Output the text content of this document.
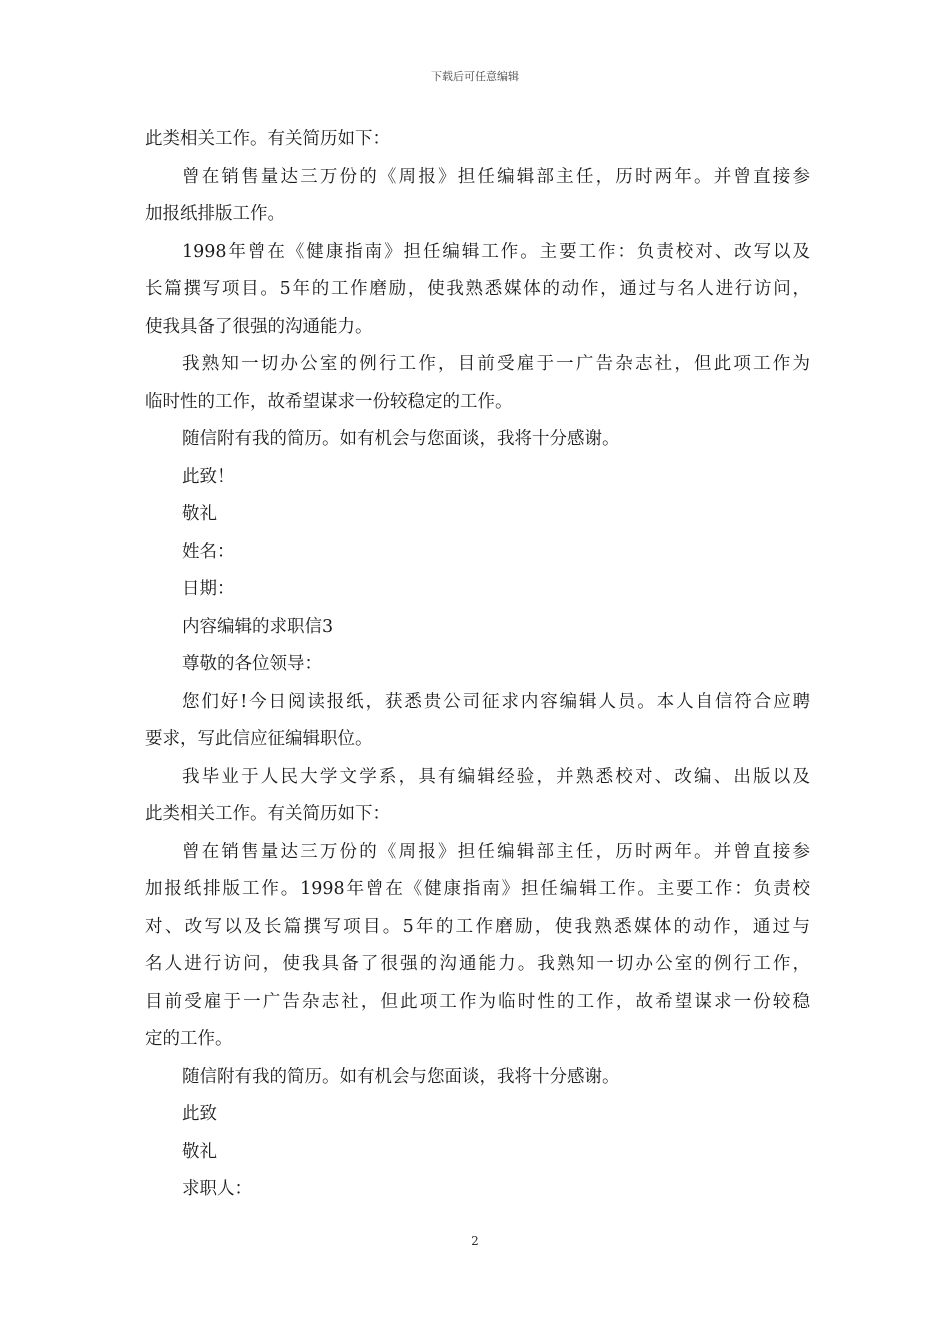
下载后可任意编辑
此类相关工作。有关简历如下：
曾在销售量达三万份的《周报》担任编辑部主任，历时两年。并曾直接参
加报纸排版工作。
1998年曾在《健康指南》担任编辑工作。主要工作：负责校对、改写以及
长篇撰写项目。5年的工作磨励，使我熟悉媒体的动作，通过与名人进行访问，
使我具备了很强的沟通能力。
我熟知一切办公室的例行工作，目前受雇于一广告杂志社，但此项工作为
临时性的工作，故希望谋求一份较稳定的工作。
随信附有我的简历。如有机会与您面谈，我将十分感谢。
此致！
敬礼
姓名：
日期：
内容编辑的求职信3
尊敬的各位领导：
您们好!今日阅读报纸，获悉贵公司征求内容编辑人员。本人自信符合应聘
要求，写此信应征编辑职位。
我毕业于人民大学文学系，具有编辑经验，并熟悉校对、改编、出版以及
此类相关工作。有关简历如下：
曾在销售量达三万份的《周报》担任编辑部主任，历时两年。并曾直接参
加报纸排版工作。1998年曾在《健康指南》担任编辑工作。主要工作：负责校
对、改写以及长篇撰写项目。5年的工作磨励，使我熟悉媒体的动作，通过与
名人进行访问，使我具备了很强的沟通能力。我熟知一切办公室的例行工作，
目前受雇于一广告杂志社，但此项工作为临时性的工作，故希望谋求一份较稳
定的工作。
随信附有我的简历。如有机会与您面谈，我将十分感谢。
此致
敬礼
求职人：
2
